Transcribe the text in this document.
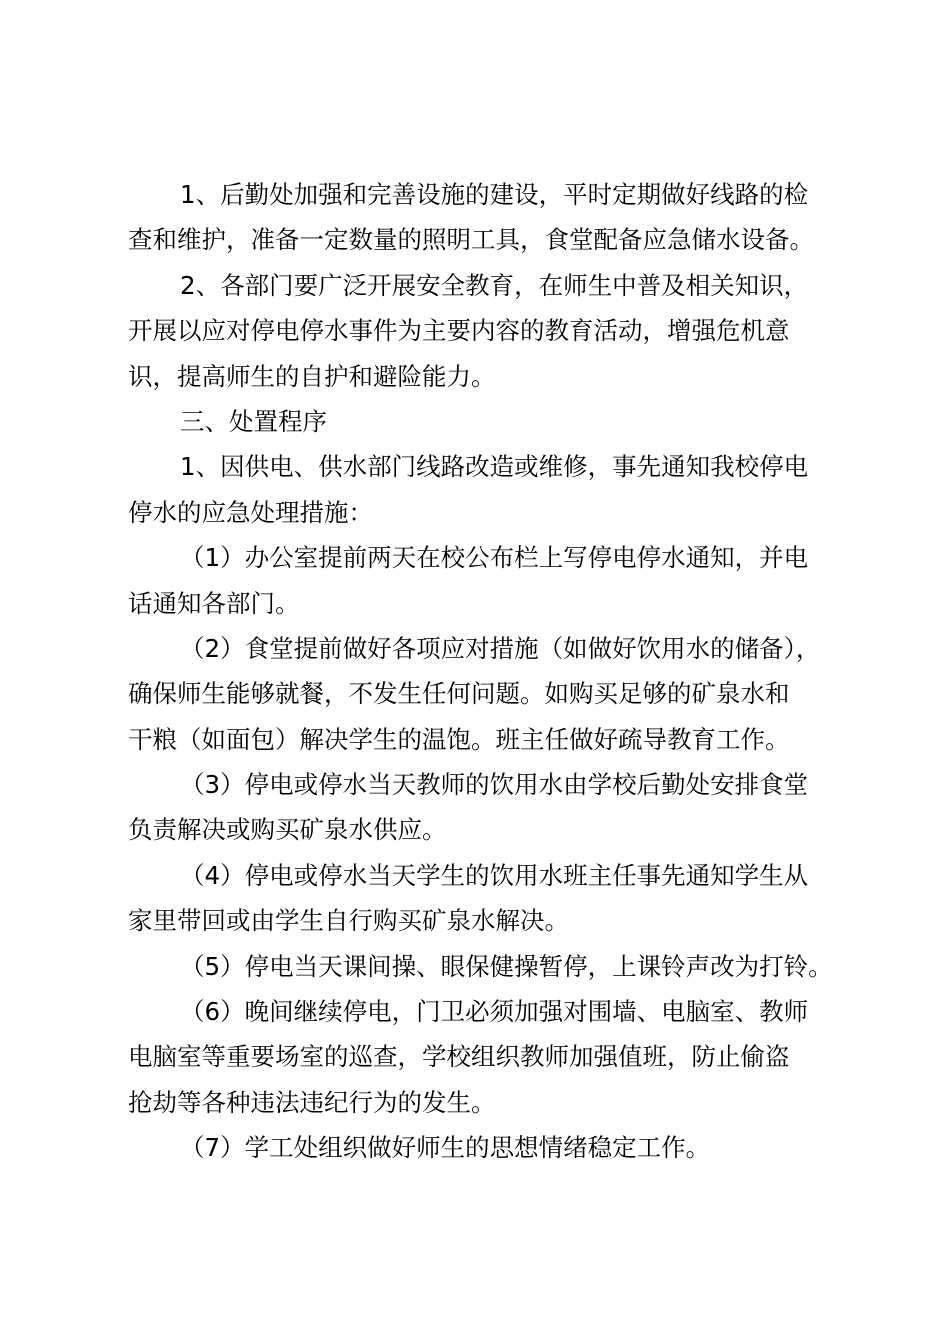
1、后勤处加强和完善设施的建设，平时定期做好线路的检
查和维护，准备一定数量的照明工具，食堂配备应急储水设备。
2、各部门要广泛开展安全教育，在师生中普及相关知识，
开展以应对停电停水事件为主要内容的教育活动，增强危机意
识，提高师生的自护和避险能力。
三、处置程序
1、因供电、供水部门线路改造或维修，事先通知我校停电
停水的应急处理措施：
（1）办公室提前两天在校公布栏上写停电停水通知，并电
话通知各部门。
（2）食堂提前做好各项应对措施（如做好饮用水的储备），
确保师生能够就餐，不发生任何问题。如购买足够的矿泉水和
干粮（如面包）解决学生的温饱。班主任做好疏导教育工作。
（3）停电或停水当天教师的饮用水由学校后勤处安排食堂
负责解决或购买矿泉水供应。
（4）停电或停水当天学生的饮用水班主任事先通知学生从
家里带回或由学生自行购买矿泉水解决。
（5）停电当天课间操、眼保健操暂停，上课铃声改为打铃。
（6）晚间继续停电，门卫必须加强对围墙、电脑室、教师
电脑室等重要场室的巡查，学校组织教师加强值班，防止偷盗
抢劫等各种违法违纪行为的发生。
（7）学工处组织做好师生的思想情绪稳定工作。
